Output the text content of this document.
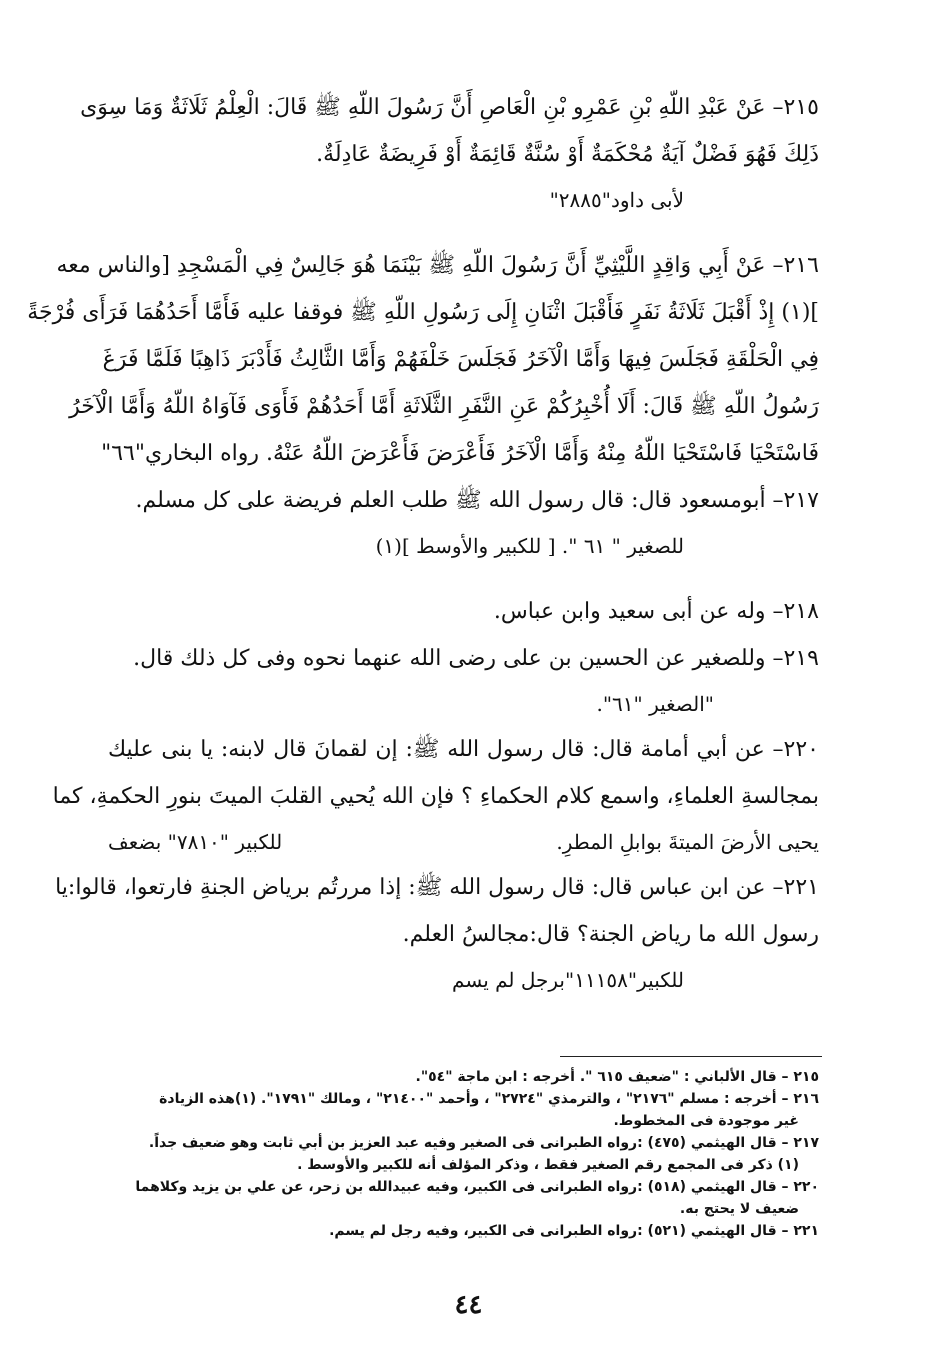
٢١٥– عَنْ عَبْدِ اللّهِ بْنِ عَمْرِو بْنِ الْعَاصِ أَنَّ رَسُولَ اللّهِ ﷺ قَالَ: الْعِلْمُ ثَلَاثَةٌ وَمَا سِوَى
ذَلِكَ فَهُوَ فَضْلٌ آيَةٌ مُحْكَمَةٌ أَوْ سُنَّةٌ قَائِمَةٌ أَوْ فَرِيضَةٌ عَادِلَةٌ.
لأبى داود"٢٨٨٥"
٢١٦– عَنْ أَبِي وَاقِدٍ اللَّيْثِيِّ أَنَّ رَسُولَ اللّهِ ﷺ بَيْنَمَا هُوَ جَالِسٌ فِي الْمَسْجِدِ [والناس معه
](١) إِذْ أَقْبَلَ ثَلَاثَةُ نَفَرٍ فَأَقْبَلَ اثْنَانِ إِلَى رَسُولِ اللّهِ ﷺ فوقفا عليه فَأَمَّا أَحَدُهُمَا فَرَأَى فُرْجَةً
فِي الْحَلْقَةِ فَجَلَسَ فِيهَا وَأَمَّا الْآخَرُ فَجَلَسَ خَلْفَهُمْ وَأَمَّا الثَّالِثُ فَأَدْبَرَ ذَاهِبًا فَلَمَّا فَرَغَ
رَسُولُ اللّهِ ﷺ قَالَ: أَلَا أُخْبِرُكُمْ عَنِ النَّفَرِ الثَّلَاثَةِ أَمَّا أَحَدُهُمْ فَأَوَى فَآوَاهُ اللّهُ وَأَمَّا الْآخَرُ
فَاسْتَحْيَا فَاسْتَحْيَا اللّهُ مِنْهُ وَأَمَّا الْآخَرُ فَأَعْرَضَ فَأَعْرَضَ اللّهُ عَنْهُ. رواه البخاري"٦٦"
٢١٧– أبومسعود قال: قال رسول الله ﷺ طلب العلم فريضة على كل مسلم.
للصغير " ٦١ ". [ للكبير والأوسط ](١)
٢١٨– وله عن أبى سعيد وابن عباس.
٢١٩– وللصغير عن الحسين بن على رضى الله عنهما نحوه وفى كل ذلك قال.
"الصغير "٦١".
٢٢٠– عن أبي أمامة قال: قال رسول الله ﷺ: إن لقمانَ قال لابنه: يا بنى عليك
بمجالسةِ العلماءِ، واسمع كلام الحكماءِ ؟ فإن الله يُحيي القلبَ الميتَ بنورِ الحكمةِ، كما
يحيى الأرضَ الميتةَ بوابلِ المطرِ.
للكبير "٧٨١٠" بضعف
٢٢١– عن ابن عباس قال: قال رسول الله ﷺ: إذا مررتُم برياض الجنةِ فارتعوا، قالوا:يا
رسول الله ما رياض الجنة؟ قال:مجالسُ العلم.
للكبير"١١١٥٨"برجل لم يسم
٢١٥ – قال الألباني : "ضعيف ٦١٥ ". أخرجه : ابن ماجة "٥٤".
٢١٦ – أخرجه : مسلم "٢١٧٦" ، والترمذي "٢٧٢٤" ، وأحمد "٢١٤٠٠" ، ومالك "١٧٩١". (١)هذه الزيادة
غير موجودة فى المخطوط.
٢١٧ – قال الهيثمي (٤٧٥) :رواه الطبرانى فى الصغير وفيه عبد العزيز بن أبي ثابت وهو ضعيف جداً.
(١) ذكر فى المجمع رقم الصغير فقط ، وذكر المؤلف أنه للكبير والأوسط .
٢٢٠ – قال الهيثمي (٥١٨) :رواه الطبرانى فى الكبير، وفيه عبيدالله بن زحر، عن علي بن يزيد وكلاهما
ضعيف لا يحتج به.
٢٢١ – قال الهيثمي (٥٢١) :رواه الطبرانى فى الكبير، وفيه رجل لم يسم.
٤٤
